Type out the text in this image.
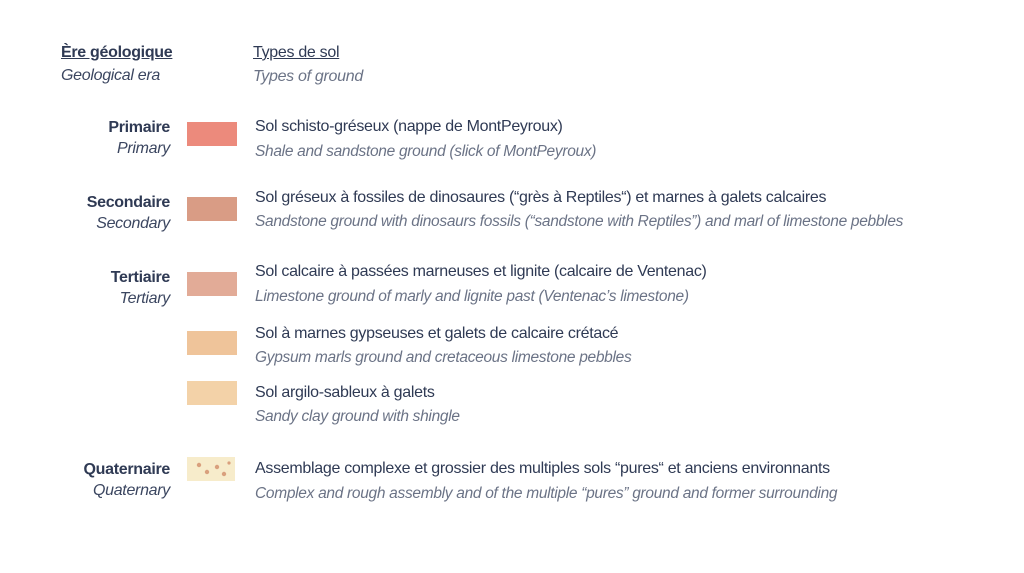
Ère géologique
Geological era
Types de sol
Types of ground
Primaire
Primary
Secondaire
Secondary
Tertiaire
Tertiary
Quaternaire
Quaternary
Sol schisto-gréseux (nappe de MontPeyroux)
Shale and sandstone ground (slick of MontPeyroux)
Sol gréseux à fossiles de dinosaures (“grès à Reptiles“) et marnes à galets calcaires
Sandstone ground with dinosaurs fossils (“sandstone with Reptiles”) and marl of limestone pebbles
Sol calcaire à passées marneuses et lignite (calcaire de Ventenac)
Limestone ground of marly and lignite past (Ventenac’s limestone)
Sol à marnes gypseuses et galets de calcaire crétacé
Gypsum marls ground and cretaceous limestone pebbles
Sol argilo-sableux à galets
Sandy clay ground with shingle
Assemblage complexe et grossier des multiples sols “pures“ et anciens environnants
Complex and rough assembly and of the multiple “pures” ground and former surrounding
